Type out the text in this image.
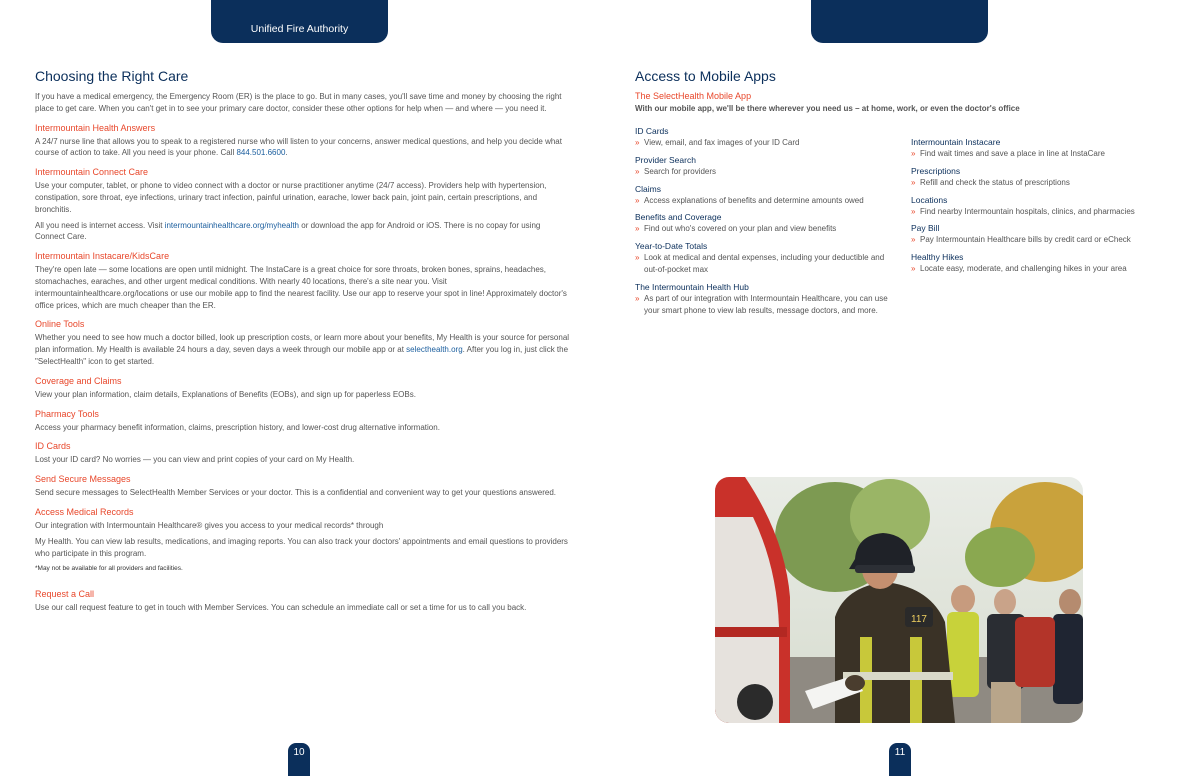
Unified Fire Authority
Choosing the Right Care

If you have a medical emergency, the Emergency Room (ER) is the place to go. But in many cases, you'll save time and money by choosing the right place to get care. When you can't get in to see your primary care doctor, consider these other options for help when — and where — you need it.

Intermountain Health Answers

A 24/7 nurse line that allows you to speak to a registered nurse who will listen to your concerns, answer medical questions, and help you decide what course of action to take. All you need is your phone. Call 844.501.6600.

Intermountain Connect Care

Use your computer, tablet, or phone to video connect with a doctor or nurse practitioner anytime (24/7 access). Providers help with hypertension, constipation, sore throat, eye infections, urinary tract infection, painful urination, earache, lower back pain, joint pain, certain prescriptions, and bronchitis.

All you need is internet access. Visit intermountainhealthcare.org/myhealth or download the app for Android or iOS. There is no copay for using Connect Care.

Intermountain Instacare/KidsCare

They're open late — some locations are open until midnight. The InstaCare is a great choice for sore throats, broken bones, sprains, headaches, stomachaches, earaches, and other urgent medical conditions. With nearly 40 locations, there's a site near you. Visit intermountainhealthcare.org/locations or use our mobile app to find the nearest facility. Use our app to reserve your spot in line! Approximately doctor's office prices, which are much cheaper than the ER.

Online Tools

Whether you need to see how much a doctor billed, look up prescription costs, or learn more about your benefits, My Health is your source for personal plan information. My Health is available 24 hours a day, seven days a week through our mobile app or at selecthealth.org. After you log in, just click the "SelectHealth" icon to get started.

Coverage and Claims

View your plan information, claim details, Explanations of Benefits (EOBs), and sign up for paperless EOBs.

Pharmacy Tools

Access your pharmacy benefit information, claims, prescription history, and lower-cost drug alternative information.

ID Cards

Lost your ID card? No worries — you can view and print copies of your card on My Health.

Send Secure Messages

Send secure messages to SelectHealth Member Services or your doctor. This is a confidential and convenient way to get your questions answered.

Access Medical Records

Our integration with Intermountain Healthcare® gives you access to your medical records* through

My Health. You can view lab results, medications, and imaging reports. You can also track your doctors' appointments and email questions to providers who participate in this program.

*May not be available for all providers and facilities.

Request a Call

Use our call request feature to get in touch with Member Services. You can schedule an immediate call or set a time for us to call you back.

Access to Mobile Apps
The SelectHealth Mobile App
With our mobile app, we'll be there wherever you need us – at home, work, or even the doctor's office
ID Cards
» View, email, and fax images of your ID Card
Provider Search
» Search for providers
Claims
» Access explanations of benefits and determine amounts owed
Benefits and Coverage
» Find out who's covered on your plan and view benefits
Year-to-Date Totals
» Look at medical and dental expenses, including your deductible and out-of-pocket max
The Intermountain Health Hub
» As part of our integration with Intermountain Healthcare, you can use your smart phone to view lab results, message doctors, and more.
Intermountain Instacare
» Find wait times and save a place in line at InstaCare
Prescriptions
» Refill and check the status of prescriptions
Locations
» Find nearby Intermountain hospitals, clinics, and pharmacies
Pay Bill
» Pay Intermountain Healthcare bills by credit card or eCheck
Healthy Hikes
» Locate easy, moderate, and challenging hikes in your area
117
10	11
